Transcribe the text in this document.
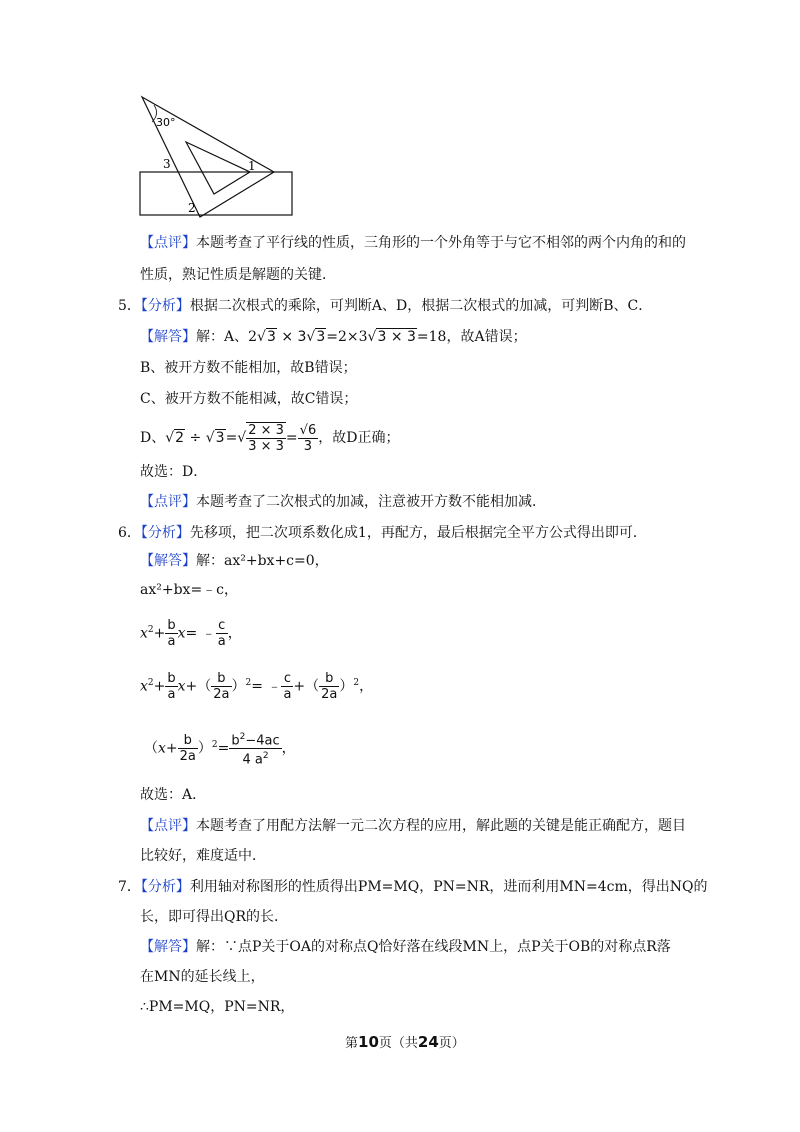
30°
3	1
2
【点评】本题考查了平行线的性质，三角形的一个外角等于与它不相邻的两个内角的和的
性质，熟记性质是解题的关键．
5．【分析】根据二次根式的乘除，可判断A、D，根据二次根式的加减，可判断B、C．
【解答】解：A、2√3 × 3√3=2×3√3 × 3=18，故A错误；
B、被开方数不能相加，故B错误；
C、被开方数不能相减，故C错误；
D、$√2 \div √3=√ \frac{2 \times 3}{3 \times 3} = \frac{√6}{3}$ ，故D正确；
故选：D．
【点评】本题考查了二次根式的加减，注意被开方数不能相加减．
6．【分析】先移项，把二次项系数化成1，再配方，最后根据完全平方公式得出即可．
【解答】解：ax²+bx+c=0，
ax²+bx=﹣c，
$x^2+ \frac{b}{a} x=$ ﹣ $\frac{c}{a}$ ，
$x^2+ \frac{b}{a} x+( \frac{b}{2a} )^2=$ ﹣ $\frac{c}{a}$ +（ $\frac{b}{2a} )^2$，
$(x+ \frac{b}{2a} )^2= \frac{b^2-4ac}{4 a^2}$ ，
故选：A．
【点评】本题考查了用配方法解一元二次方程的应用，解此题的关键是能正确配方，题目
比较好，难度适中．
7．【分析】利用轴对称图形的性质得出PM=MQ，PN=NR，进而利用MN=4cm，得出NQ的
长，即可得出QR的长．
【解答】解：∵点P关于OA的对称点Q恰好落在线段MN上，点P关于OB的对称点R落
在MN的延长线上，
∴PM=MQ，PN=NR，
第10页（共24页）
